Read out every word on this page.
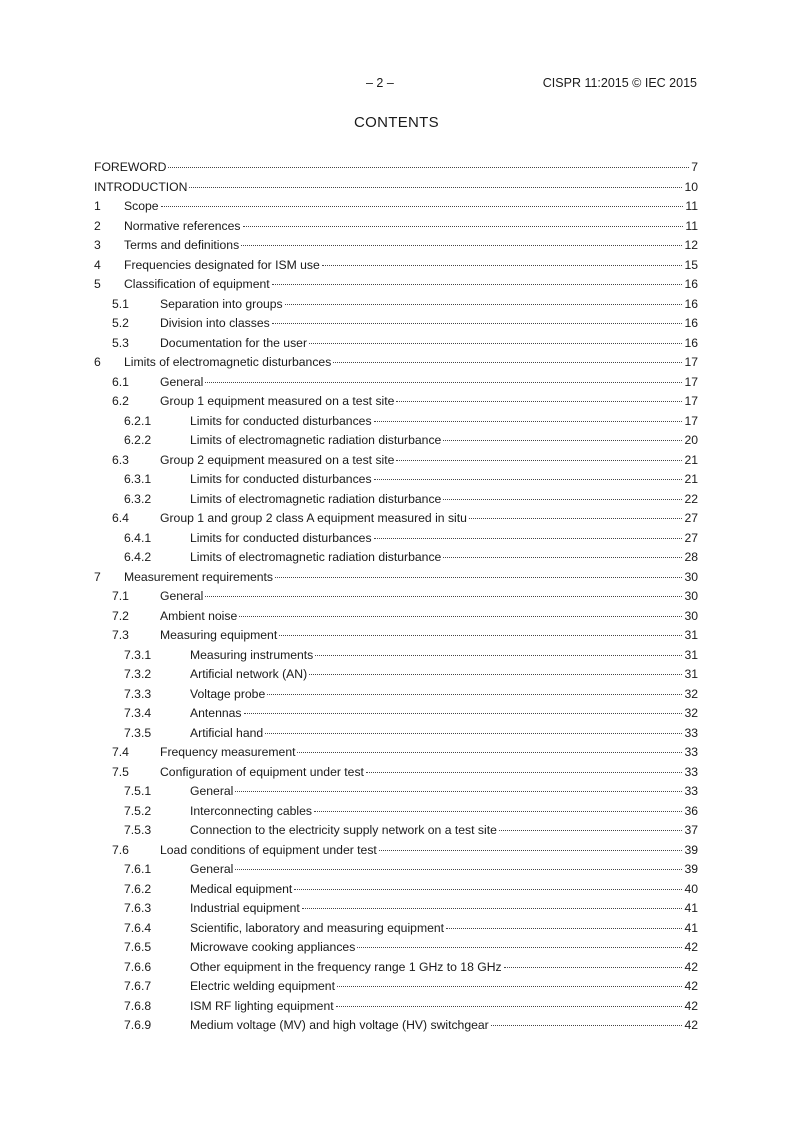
– 2 –	CISPR 11:2015 © IEC 2015
CONTENTS
FOREWORD	7
INTRODUCTION	10
1	Scope	11
2	Normative references	11
3	Terms and definitions	12
4	Frequencies designated for ISM use	15
5	Classification of equipment	16
5.1	Separation into groups	16
5.2	Division into classes	16
5.3	Documentation for the user	16
6	Limits of electromagnetic disturbances	17
6.1	General	17
6.2	Group 1 equipment measured on a test site	17
6.2.1	Limits for conducted disturbances	17
6.2.2	Limits of electromagnetic radiation disturbance	20
6.3	Group 2 equipment measured on a test site	21
6.3.1	Limits for conducted disturbances	21
6.3.2	Limits of electromagnetic radiation disturbance	22
6.4	Group 1 and group 2 class A equipment measured in situ	27
6.4.1	Limits for conducted disturbances	27
6.4.2	Limits of electromagnetic radiation disturbance	28
7	Measurement requirements	30
7.1	General	30
7.2	Ambient noise	30
7.3	Measuring equipment	31
7.3.1	Measuring instruments	31
7.3.2	Artificial network (AN)	31
7.3.3	Voltage probe	32
7.3.4	Antennas	32
7.3.5	Artificial hand	33
7.4	Frequency measurement	33
7.5	Configuration of equipment under test	33
7.5.1	General	33
7.5.2	Interconnecting cables	36
7.5.3	Connection to the electricity supply network on a test site	37
7.6	Load conditions of equipment under test	39
7.6.1	General	39
7.6.2	Medical equipment	40
7.6.3	Industrial equipment	41
7.6.4	Scientific, laboratory and measuring equipment	41
7.6.5	Microwave cooking appliances	42
7.6.6	Other equipment in the frequency range 1 GHz to 18 GHz	42
7.6.7	Electric welding equipment	42
7.6.8	ISM RF lighting equipment	42
7.6.9	Medium voltage (MV) and high voltage (HV) switchgear	42
